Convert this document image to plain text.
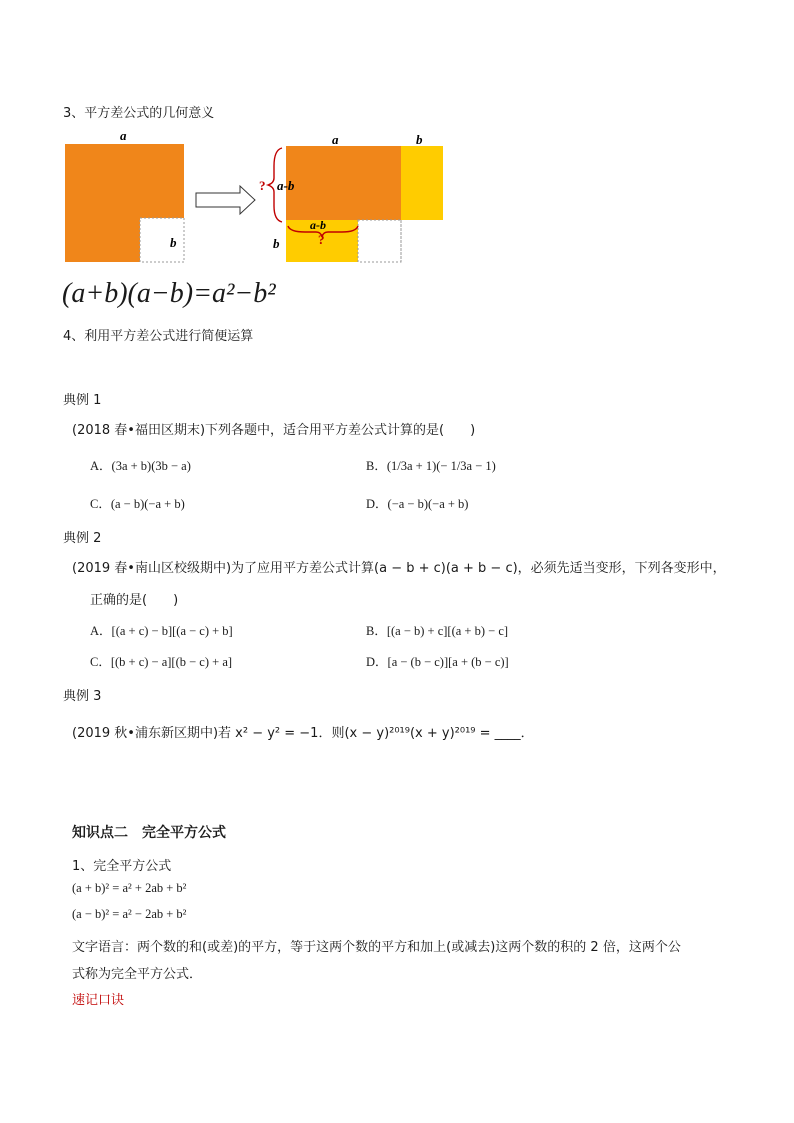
3、平方差公式的几何意义
a
b
a	b
a-b
b
a-b
?
?
(a+b)(a−b)=a²−b²
4、利用平方差公式进行简便运算
典例 1
(2018 春•福田区期末)下列各题中，适合用平方差公式计算的是(　　)
A．(3a + b)(3b − a)	B．(1/3a + 1)(− 1/3a − 1)
C．(a − b)(−a + b)	D．(−a − b)(−a + b)
典例 2
(2019 春•南山区校级期中)为了应用平方差公式计算(a − b + c)(a + b − c)，必须先适当变形，下列各变形中，
正确的是(　　)
A．[(a + c) − b][(a − c) + b]	B．[(a − b) + c][(a + b) − c]
C．[(b + c) − a][(b − c) + a]	D．[a − (b − c)][a + (b − c)]
典例 3
(2019 秋•浦东新区期中)若 x² − y² = −1．则(x − y)²⁰¹⁹(x + y)²⁰¹⁹ = ____．
知识点二　完全平方公式
1、完全平方公式
(a + b)² = a² + 2ab + b²
(a − b)² = a² − 2ab + b²
文字语言：两个数的和(或差)的平方，等于这两个数的平方和加上(或减去)这两个数的积的 2 倍，这两个公
式称为完全平方公式．
速记口诀
